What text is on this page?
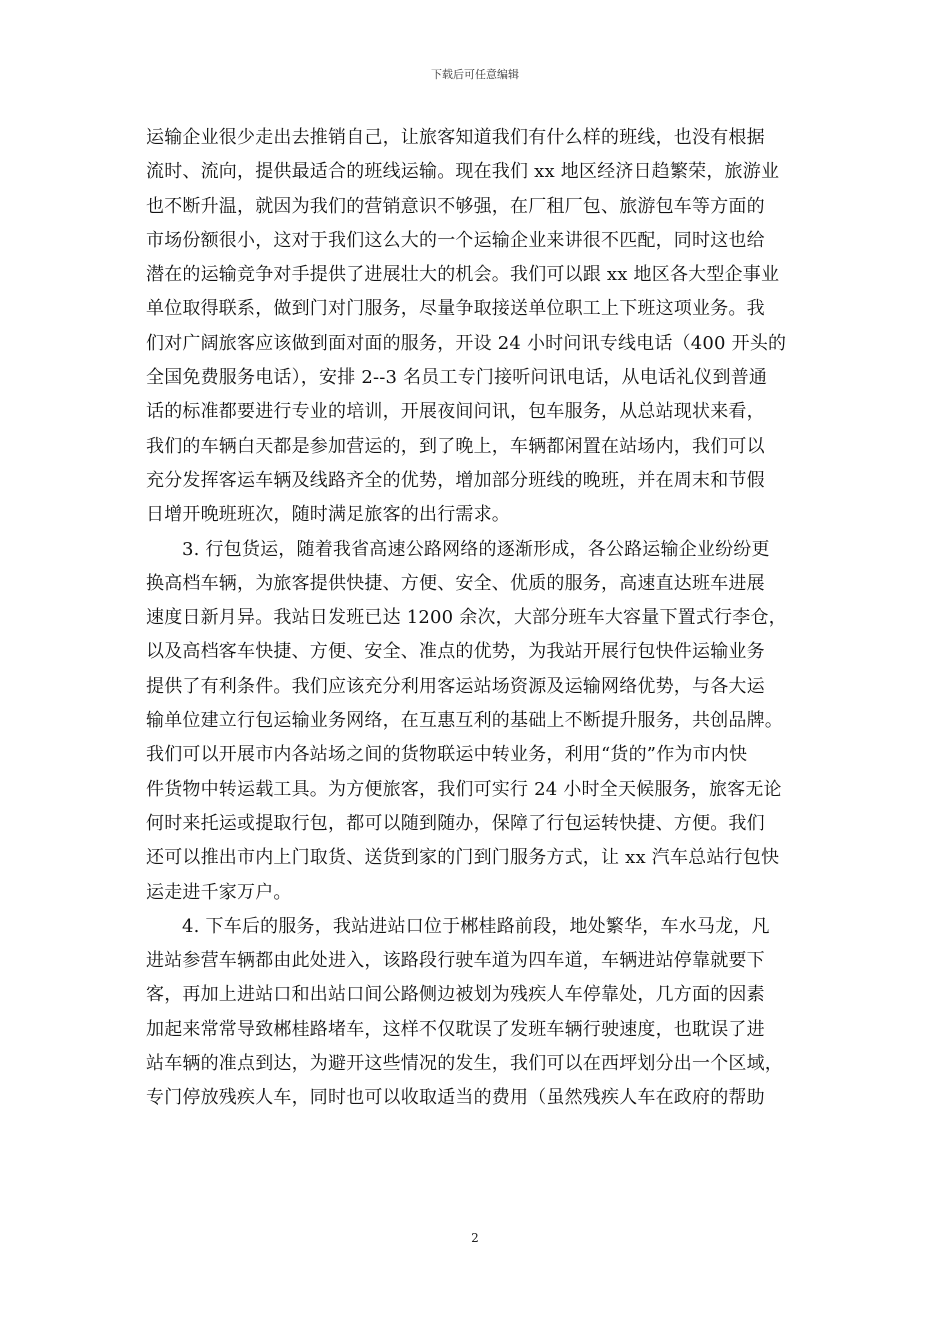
下载后可任意编辑
运输企业很少走出去推销自己，让旅客知道我们有什么样的班线，也没有根据
流时、流向，提供最适合的班线运输。现在我们 xx 地区经济日趋繁荣，旅游业
也不断升温，就因为我们的营销意识不够强，在厂租厂包、旅游包车等方面的
市场份额很小，这对于我们这么大的一个运输企业来讲很不匹配，同时这也给
潜在的运输竞争对手提供了进展壮大的机会。我们可以跟 xx 地区各大型企事业
单位取得联系，做到门对门服务，尽量争取接送单位职工上下班这项业务。我
们对广阔旅客应该做到面对面的服务，开设 24 小时问讯专线电话（400 开头的
全国免费服务电话），安排 2--3 名员工专门接听问讯电话，从电话礼仪到普通
话的标准都要进行专业的培训，开展夜间问讯，包车服务，从总站现状来看，
我们的车辆白天都是参加营运的，到了晚上，车辆都闲置在站场内，我们可以
充分发挥客运车辆及线路齐全的优势，增加部分班线的晚班，并在周末和节假
日增开晚班班次，随时满足旅客的出行需求。
3. 行包货运，随着我省高速公路网络的逐渐形成，各公路运输企业纷纷更
换高档车辆，为旅客提供快捷、方便、安全、优质的服务，高速直达班车进展
速度日新月异。我站日发班已达 1200 余次，大部分班车大容量下置式行李仓，
以及高档客车快捷、方便、安全、准点的优势，为我站开展行包快件运输业务
提供了有利条件。我们应该充分利用客运站场资源及运输网络优势，与各大运
输单位建立行包运输业务网络，在互惠互利的基础上不断提升服务，共创品牌。
我们可以开展市内各站场之间的货物联运中转业务，利用“货的”作为市内快
件货物中转运载工具。为方便旅客，我们可实行 24 小时全天候服务，旅客无论
何时来托运或提取行包，都可以随到随办，保障了行包运转快捷、方便。我们
还可以推出市内上门取货、送货到家的门到门服务方式，让 xx 汽车总站行包快
运走进千家万户。
4. 下车后的服务，我站进站口位于郴桂路前段，地处繁华，车水马龙，凡
进站参营车辆都由此处进入，该路段行驶车道为四车道，车辆进站停靠就要下
客，再加上进站口和出站口间公路侧边被划为残疾人车停靠处，几方面的因素
加起来常常导致郴桂路堵车，这样不仅耽误了发班车辆行驶速度，也耽误了进
站车辆的准点到达，为避开这些情况的发生，我们可以在西坪划分出一个区域，
专门停放残疾人车，同时也可以收取适当的费用（虽然残疾人车在政府的帮助
2
